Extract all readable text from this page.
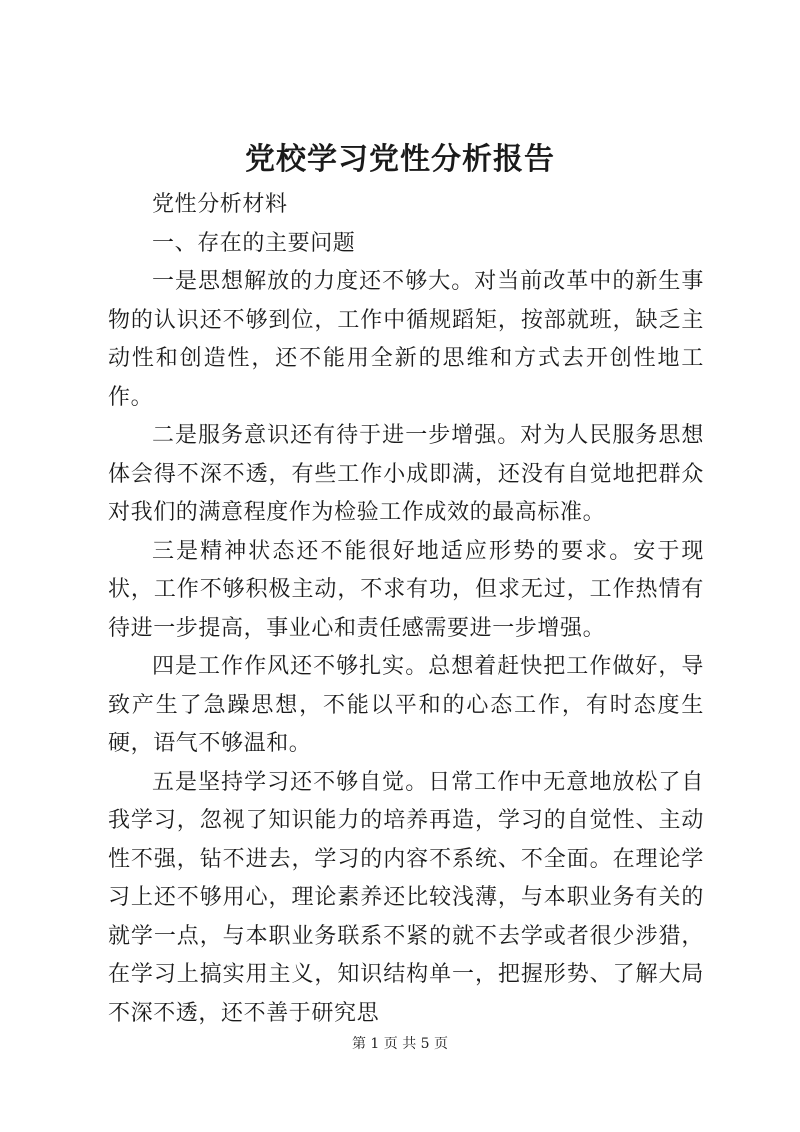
党校学习党性分析报告

党性分析材料

一、存在的主要问题

一是思想解放的力度还不够大。对当前改革中的新生事物的认识还不够到位，工作中循规蹈矩，按部就班，缺乏主动性和创造性，还不能用全新的思维和方式去开创性地工作。

二是服务意识还有待于进一步增强。对为人民服务思想体会得不深不透，有些工作小成即满，还没有自觉地把群众对我们的满意程度作为检验工作成效的最高标准。

三是精神状态还不能很好地适应形势的要求。安于现状，工作不够积极主动，不求有功，但求无过，工作热情有待进一步提高，事业心和责任感需要进一步增强。

四是工作作风还不够扎实。总想着赶快把工作做好，导致产生了急躁思想，不能以平和的心态工作，有时态度生硬，语气不够温和。

五是坚持学习还不够自觉。日常工作中无意地放松了自我学习，忽视了知识能力的培养再造，学习的自觉性、主动性不强，钻不进去，学习的内容不系统、不全面。在理论学习上还不够用心，理论素养还比较浅薄，与本职业务有关的就学一点，与本职业务联系不紧的就不去学或者很少涉猎，在学习上搞实用主义，知识结构单一，把握形势、了解大局不深不透，还不善于研究思

第 1 页 共 5 页
